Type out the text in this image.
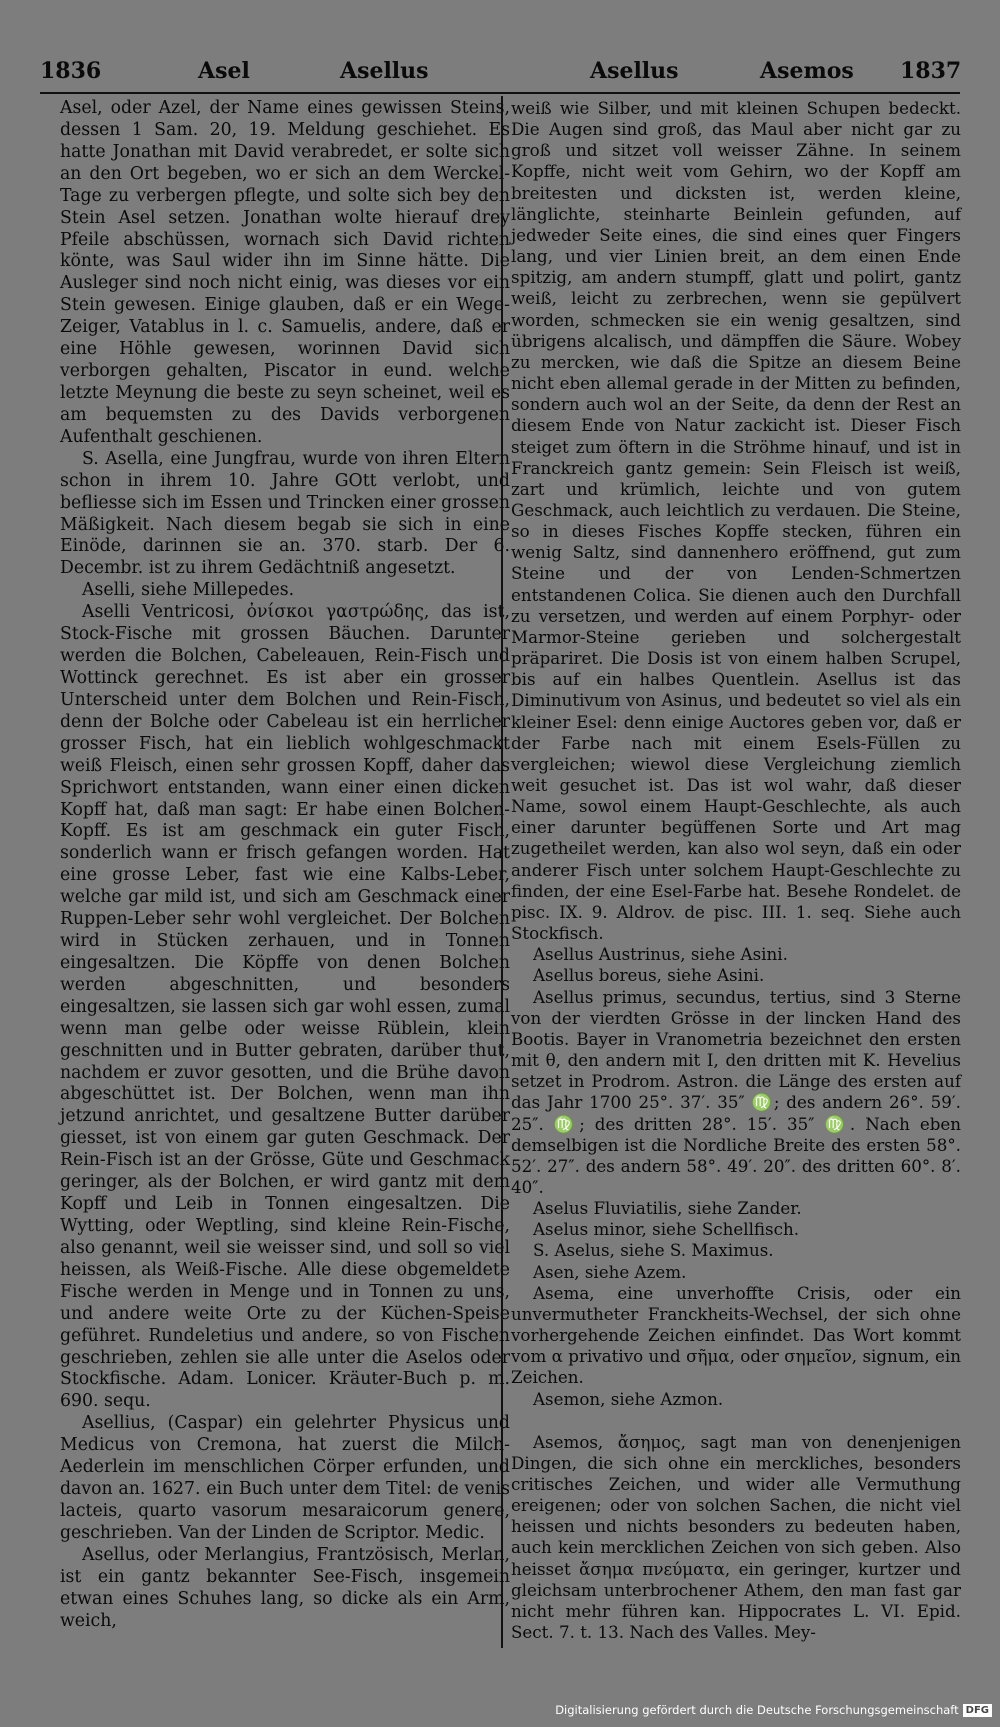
1836	Asel	Asellus	Asellus	Asemos 1837

Asel, oder Azel, der Name eines gewissen Steins, dessen 1 Sam. 20, 19. Meldung geschiehet. Es hatte Jonathan mit David verabredet, er solte sich an den Ort begeben, wo er sich an dem Werckel-Tage zu verbergen pflegte, und solte sich bey den Stein Asel setzen. Jonathan wolte hierauf drey Pfeile abschüssen, wornach sich David richten könte, was Saul wider ihn im Sinne hätte. Die Ausleger sind noch nicht einig, was dieses vor ein Stein gewesen. Einige glauben, daß er ein Wege-Zeiger, Vatablus in l. c. Samuelis, andere, daß er eine Höhle gewesen, worinnen David sich verborgen gehalten, Piscator in eund. welche letzte Meynung die beste zu seyn scheinet, weil es am bequemsten zu des Davids verborgenen Aufenthalt geschienen.

S. Asella, eine Jungfrau, wurde von ihren Eltern schon in ihrem 10. Jahre GOtt verlobt, und befliesse sich im Essen und Trincken einer grossen Mäßigkeit. Nach diesem begab sie sich in eine Einöde, darinnen sie an. 370. starb. Der 6. Decembr. ist zu ihrem Gedächtniß angesetzt.

Aselli, siehe Millepedes.

Aselli Ventricosi, ὀνίσκοι γαστρώδης, das ist, Stock-Fische mit grossen Bäuchen. Darunter werden die Bolchen, Cabeleauen, Rein-Fisch und Wottinck gerechnet. Es ist aber ein grosser Unterscheid unter dem Bolchen und Rein-Fisch, denn der Bolche oder Cabeleau ist ein herrlicher grosser Fisch, hat ein lieblich wohlgeschmackt weiß Fleisch, einen sehr grossen Kopff, daher das Sprichwort entstanden, wann einer einen dicken Kopff hat, daß man sagt: Er habe einen Bolchen-Kopff. Es ist am geschmack ein guter Fisch, sonderlich wann er frisch gefangen worden. Hat eine grosse Leber, fast wie eine Kalbs-Leber, welche gar mild ist, und sich am Geschmack einer Ruppen-Leber sehr wohl vergleichet. Der Bolchen wird in Stücken zerhauen, und in Tonnen eingesaltzen. Die Köpffe von denen Bolchen werden abgeschnitten, und besonders eingesaltzen, sie lassen sich gar wohl essen, zumal wenn man gelbe oder weisse Rüblein, klein geschnitten und in Butter gebraten, darüber thut, nachdem er zuvor gesotten, und die Brühe davon abgeschüttet ist. Der Bolchen, wenn man ihn jetzund anrichtet, und gesaltzene Butter darüber giesset, ist von einem gar guten Geschmack. Der Rein-Fisch ist an der Grösse, Güte und Geschmack geringer, als der Bolchen, er wird gantz mit dem Kopff und Leib in Tonnen eingesaltzen. Die Wytting, oder Weptling, sind kleine Rein-Fische, also genannt, weil sie weisser sind, und soll so viel heissen, als Weiß-Fische. Alle diese obgemeldete Fische werden in Menge und in Tonnen zu uns, und andere weite Orte zu der Küchen-Speise geführet. Rundeletius und andere, so von Fischen geschrieben, zehlen sie alle unter die Aselos oder Stockfische. Adam. Lonicer. Kräuter-Buch p. m. 690. sequ.

Asellius, (Caspar) ein gelehrter Physicus und Medicus von Cremona, hat zuerst die Milch-Aederlein im menschlichen Cörper erfunden, und davon an. 1627. ein Buch unter dem Titel: de venis lacteis, quarto vasorum mesaraicorum genere, geschrieben. Van der Linden de Scriptor. Medic.

Asellus, oder Merlangius, Frantzösisch, Merlan, ist ein gantz bekannter See-Fisch, insgemein etwan eines Schuhes lang, so dicke als ein Arm, weich,

weiß wie Silber, und mit kleinen Schupen bedeckt. Die Augen sind groß, das Maul aber nicht gar zu groß und sitzet voll weisser Zähne. In seinem Kopffe, nicht weit vom Gehirn, wo der Kopff am breitesten und dicksten ist, werden kleine, länglichte, steinharte Beinlein gefunden, auf jedweder Seite eines, die sind eines quer Fingers lang, und vier Linien breit, an dem einen Ende spitzig, am andern stumpff, glatt und polirt, gantz weiß, leicht zu zerbrechen, wenn sie gepülvert worden, schmecken sie ein wenig gesaltzen, sind übrigens alcalisch, und dämpffen die Säure. Wobey zu mercken, wie daß die Spitze an diesem Beine nicht eben allemal gerade in der Mitten zu befinden, sondern auch wol an der Seite, da denn der Rest an diesem Ende von Natur zackicht ist. Dieser Fisch steiget zum öftern in die Ströhme hinauf, und ist in Franckreich gantz gemein: Sein Fleisch ist weiß, zart und krümlich, leichte und von gutem Geschmack, auch leichtlich zu verdauen. Die Steine, so in dieses Fisches Kopffe stecken, führen ein wenig Saltz, sind dannenhero eröffnend, gut zum Steine und der von Lenden-Schmertzen entstandenen Colica. Sie dienen auch den Durchfall zu versetzen, und werden auf einem Porphyr- oder Marmor-Steine gerieben und solchergestalt präpariret. Die Dosis ist von einem halben Scrupel, bis auf ein halbes Quentlein. Asellus ist das Diminutivum von Asinus, und bedeutet so viel als ein kleiner Esel: denn einige Auctores geben vor, daß er der Farbe nach mit einem Esels-Füllen zu vergleichen; wiewol diese Vergleichung ziemlich weit gesuchet ist. Das ist wol wahr, daß dieser Name, sowol einem Haupt-Geschlechte, als auch einer darunter begüffenen Sorte und Art mag zugetheilet werden, kan also wol seyn, daß ein oder anderer Fisch unter solchem Haupt-Geschlechte zu finden, der eine Esel-Farbe hat. Besehe Rondelet. de pisc. IX. 9. Aldrov. de pisc. III. 1. seq. Siehe auch Stockfisch.

Asellus Austrinus, siehe Asini.

Asellus boreus, siehe Asini.

Asellus primus, secundus, tertius, sind 3 Sterne von der vierdten Grösse in der lincken Hand des Bootis. Bayer in Vranometria bezeichnet den ersten mit θ, den andern mit I, den dritten mit K. Hevelius setzet in Prodrom. Astron. die Länge des ersten auf das Jahr 1700 25°. 37′. 35″ ♍; des andern 26°. 59′. 25″. ♍; des dritten 28°. 15′. 35″ ♍. Nach eben demselbigen ist die Nordliche Breite des ersten 58°. 52′. 27″. des andern 58°. 49′. 20″. des dritten 60°. 8′. 40″.

Aselus Fluviatilis, siehe Zander.

Aselus minor, siehe Schellfisch.

S. Aselus, siehe S. Maximus.

Asen, siehe Azem.

Asema, eine unverhoffte Crisis, oder ein unvermutheter Franckheits-Wechsel, der sich ohne vorhergehende Zeichen einfindet. Das Wort kommt vom α privativo und σῆμα, oder σημεῖον, signum, ein Zeichen.

Asemon, siehe Azmon.

Asemos, ἄσημος, sagt man von denenjenigen Dingen, die sich ohne ein merckliches, besonders critisches Zeichen, und wider alle Vermuthung ereigenen; oder von solchen Sachen, die nicht viel heissen und nichts besonders zu bedeuten haben, auch kein mercklichen Zeichen von sich geben. Also heisset ἄσημα πνεύματα, ein geringer, kurtzer und gleichsam unterbrochener Athem, den man fast gar nicht mehr führen kan. Hippocrates L. VI. Epid. Sect. 7. t. 13. Nach des Valles. Mey-

Digitalisierung gefördert durch die Deutsche Forschungsgemeinschaft DFG
